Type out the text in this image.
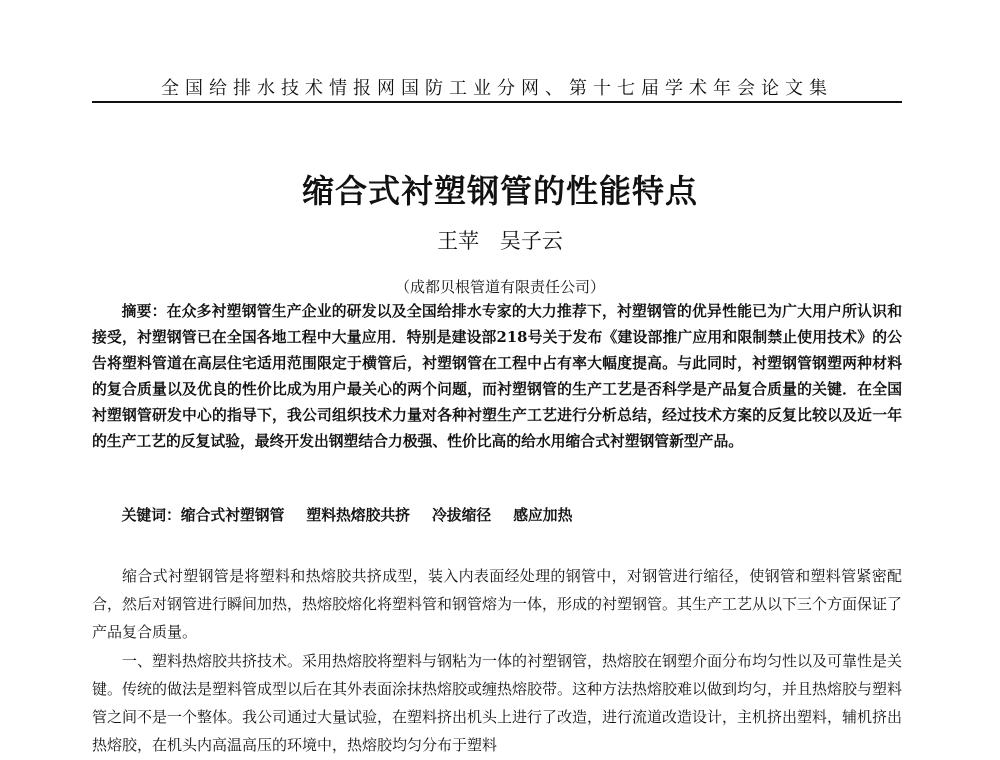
全国给排水技术情报网国防工业分网、第十七届学术年会论文集
缩合式衬塑钢管的性能特点
王苹 吴子云
（成都贝根管道有限责任公司）
摘要：在众多衬塑钢管生产企业的研发以及全国给排水专家的大力推荐下，衬塑钢管的优异性能已为广大用户所认识和接受，衬塑钢管已在全国各地工程中大量应用．特别是建设部218号关于发布《建设部推广应用和限制禁止使用技术》的公告将塑料管道在高层住宅适用范围限定于横管后，衬塑钢管在工程中占有率大幅度提高。与此同时，衬塑钢管钢塑两种材料的复合质量以及优良的性价比成为用户最关心的两个问题，而衬塑钢管的生产工艺是否科学是产品复合质量的关键．在全国衬塑钢管研发中心的指导下，我公司组织技术力量对各种衬塑生产工艺进行分析总结，经过技术方案的反复比较以及近一年的生产工艺的反复试验，最终开发出钢塑结合力极强、性价比高的给水用缩合式衬塑钢管新型产品。
关键词：缩合式衬塑钢管 塑料热熔胶共挤 冷拔缩径 感应加热
缩合式衬塑钢管是将塑料和热熔胶共挤成型，装入内表面经处理的钢管中，对钢管进行缩径，使钢管和塑料管紧密配合，然后对钢管进行瞬间加热，热熔胶熔化将塑料管和钢管熔为一体，形成的衬塑钢管。其生产工艺从以下三个方面保证了产品复合质量。
一、塑料热熔胶共挤技术。采用热熔胶将塑料与钢粘为一体的衬塑钢管，热熔胶在钢塑介面分布均匀性以及可靠性是关键。传统的做法是塑料管成型以后在其外表面涂抹热熔胶或缠热熔胶带。这种方法热熔胶难以做到均匀，并且热熔胶与塑料管之间不是一个整体。我公司通过大量试验，在塑料挤出机头上进行了改造，进行流道改造设计，主机挤出塑料，辅机挤出热熔胶，在机头内高温高压的环境中，热熔胶均匀分布于塑料
